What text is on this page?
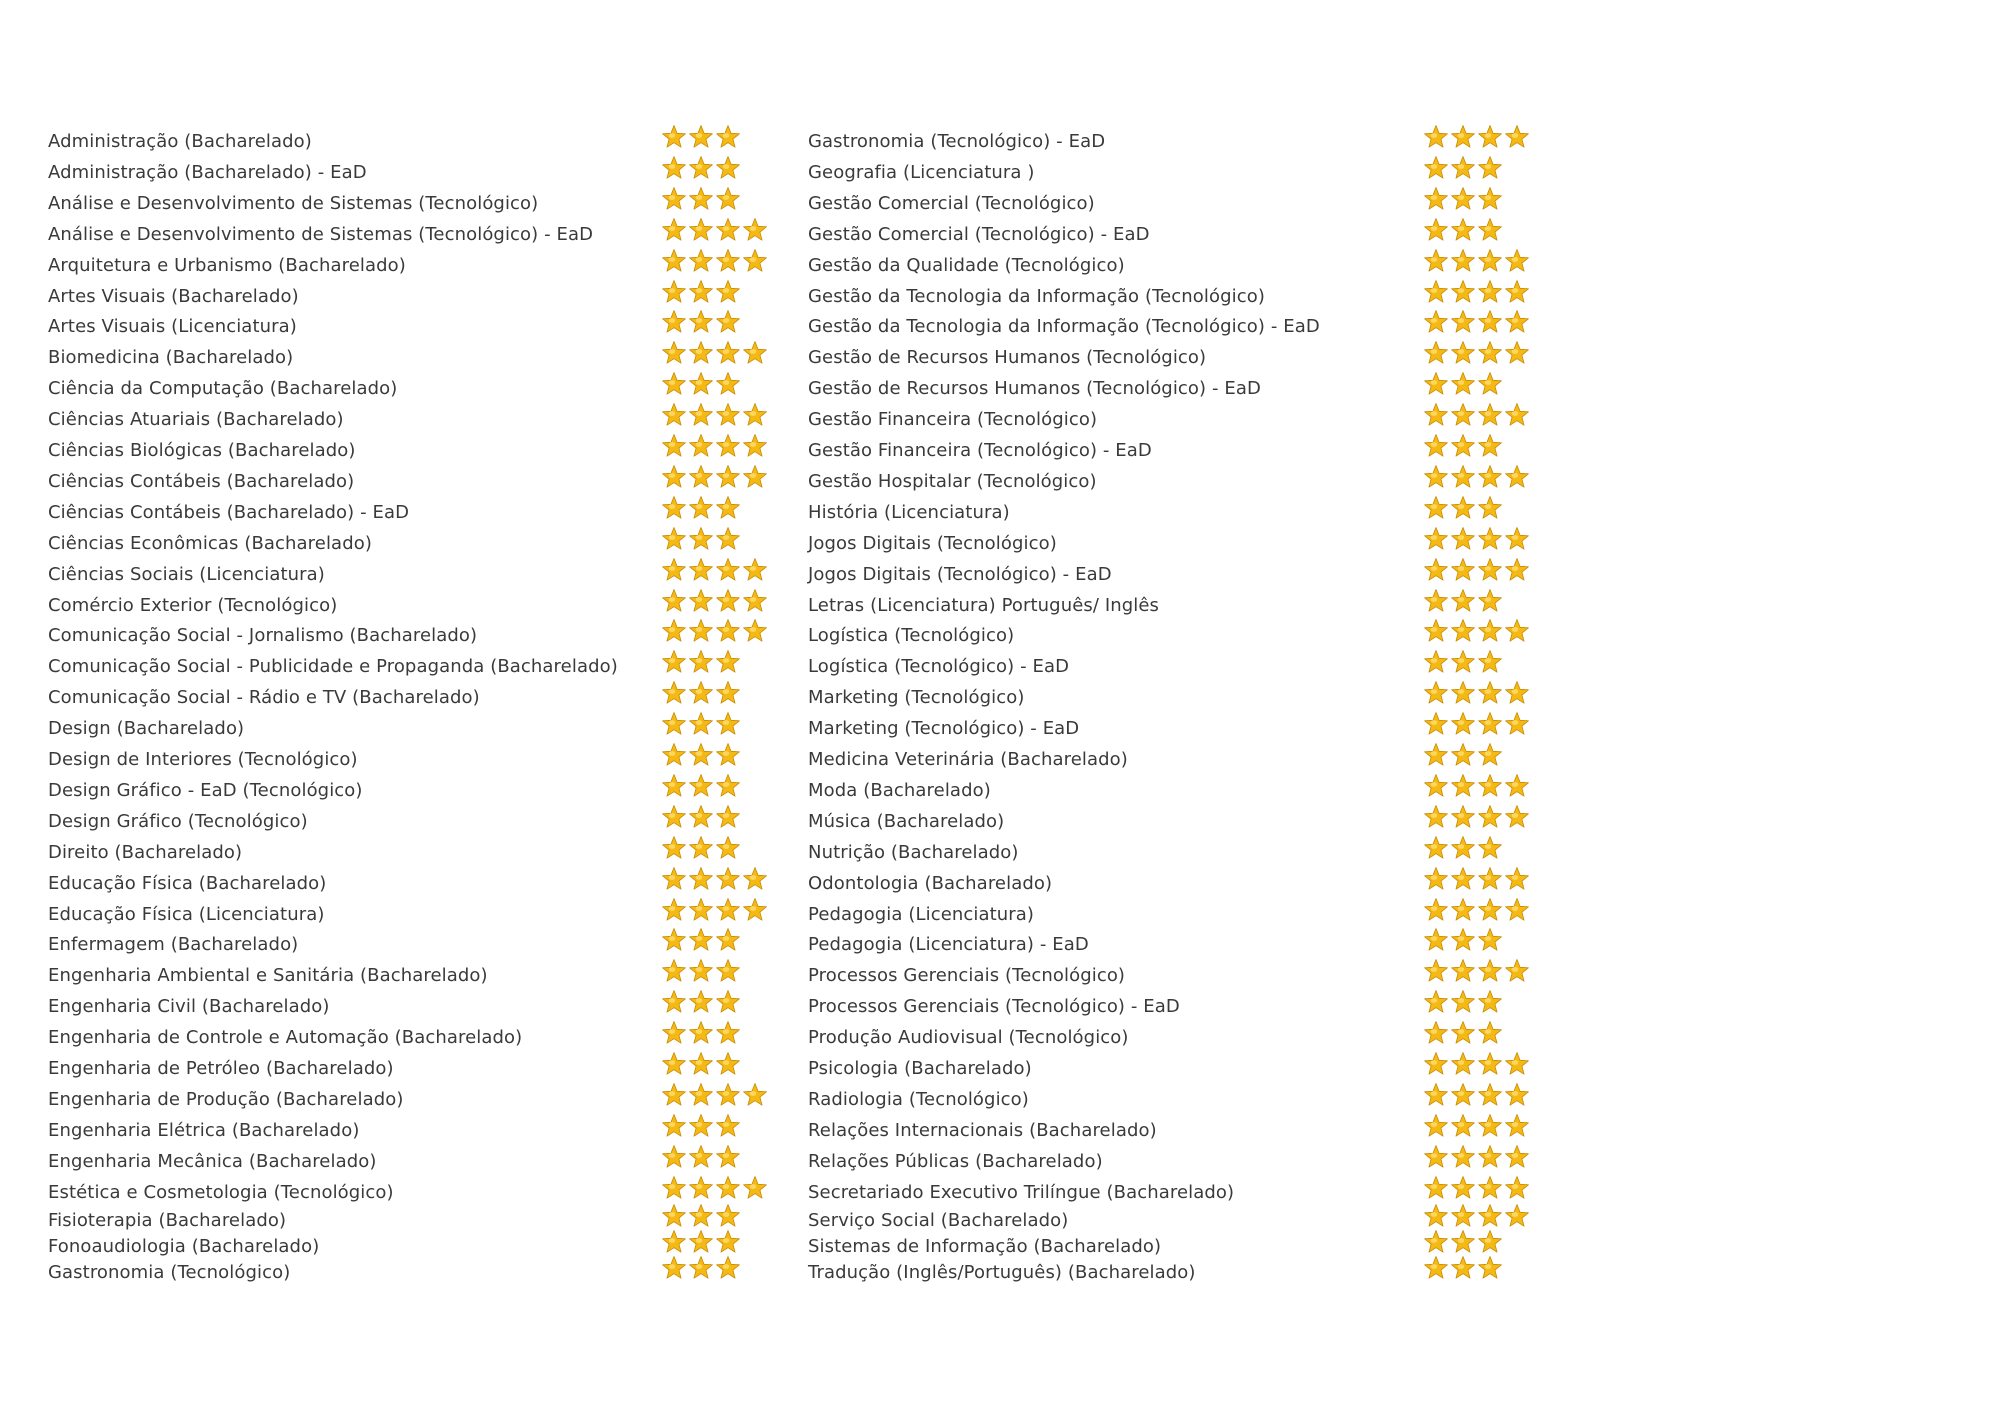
Administração (Bacharelado)
Administração (Bacharelado) - EaD
Análise e Desenvolvimento de Sistemas (Tecnológico)
Análise e Desenvolvimento de Sistemas (Tecnológico) - EaD
Arquitetura e Urbanismo (Bacharelado)
Artes Visuais (Bacharelado)
Artes Visuais (Licenciatura)
Biomedicina (Bacharelado)
Ciência da Computação (Bacharelado)
Ciências Atuariais (Bacharelado)
Ciências Biológicas (Bacharelado)
Ciências Contábeis (Bacharelado)
Ciências Contábeis (Bacharelado) - EaD
Ciências Econômicas (Bacharelado)
Ciências Sociais (Licenciatura)
Comércio Exterior (Tecnológico)
Comunicação Social - Jornalismo (Bacharelado)
Comunicação Social - Publicidade e Propaganda (Bacharelado)
Comunicação Social - Rádio e TV (Bacharelado)
Design (Bacharelado)
Design de Interiores (Tecnológico)
Design Gráfico - EaD (Tecnológico)
Design Gráfico (Tecnológico)
Direito (Bacharelado)
Educação Física (Bacharelado)
Educação Física (Licenciatura)
Enfermagem (Bacharelado)
Engenharia Ambiental e Sanitária (Bacharelado)
Engenharia Civil (Bacharelado)
Engenharia de Controle e Automação (Bacharelado)
Engenharia de Petróleo (Bacharelado)
Engenharia de Produção (Bacharelado)
Engenharia Elétrica (Bacharelado)
Engenharia Mecânica (Bacharelado)
Estética e Cosmetologia (Tecnológico)
Fisioterapia (Bacharelado)
Fonoaudiologia (Bacharelado)
Gastronomia (Tecnológico)
Gastronomia (Tecnológico) - EaD
Geografia (Licenciatura )
Gestão Comercial (Tecnológico)
Gestão Comercial (Tecnológico) - EaD
Gestão da Qualidade (Tecnológico)
Gestão da Tecnologia da Informação (Tecnológico)
Gestão da Tecnologia da Informação (Tecnológico) - EaD
Gestão de Recursos Humanos (Tecnológico)
Gestão de Recursos Humanos (Tecnológico) - EaD
Gestão Financeira (Tecnológico)
Gestão Financeira (Tecnológico) - EaD
Gestão Hospitalar (Tecnológico)
História (Licenciatura)
Jogos Digitais (Tecnológico)
Jogos Digitais (Tecnológico) - EaD
Letras (Licenciatura) Português/ Inglês
Logística (Tecnológico)
Logística (Tecnológico) - EaD
Marketing (Tecnológico)
Marketing (Tecnológico) - EaD
Medicina Veterinária (Bacharelado)
Moda (Bacharelado)
Música (Bacharelado)
Nutrição (Bacharelado)
Odontologia (Bacharelado)
Pedagogia (Licenciatura)
Pedagogia (Licenciatura) - EaD
Processos Gerenciais (Tecnológico)
Processos Gerenciais (Tecnológico) - EaD
Produção Audiovisual (Tecnológico)
Psicologia (Bacharelado)
Radiologia (Tecnológico)
Relações Internacionais (Bacharelado)
Relações Públicas (Bacharelado)
Secretariado Executivo Trilíngue (Bacharelado)
Serviço Social (Bacharelado)
Sistemas de Informação (Bacharelado)
Tradução (Inglês/Português) (Bacharelado)
